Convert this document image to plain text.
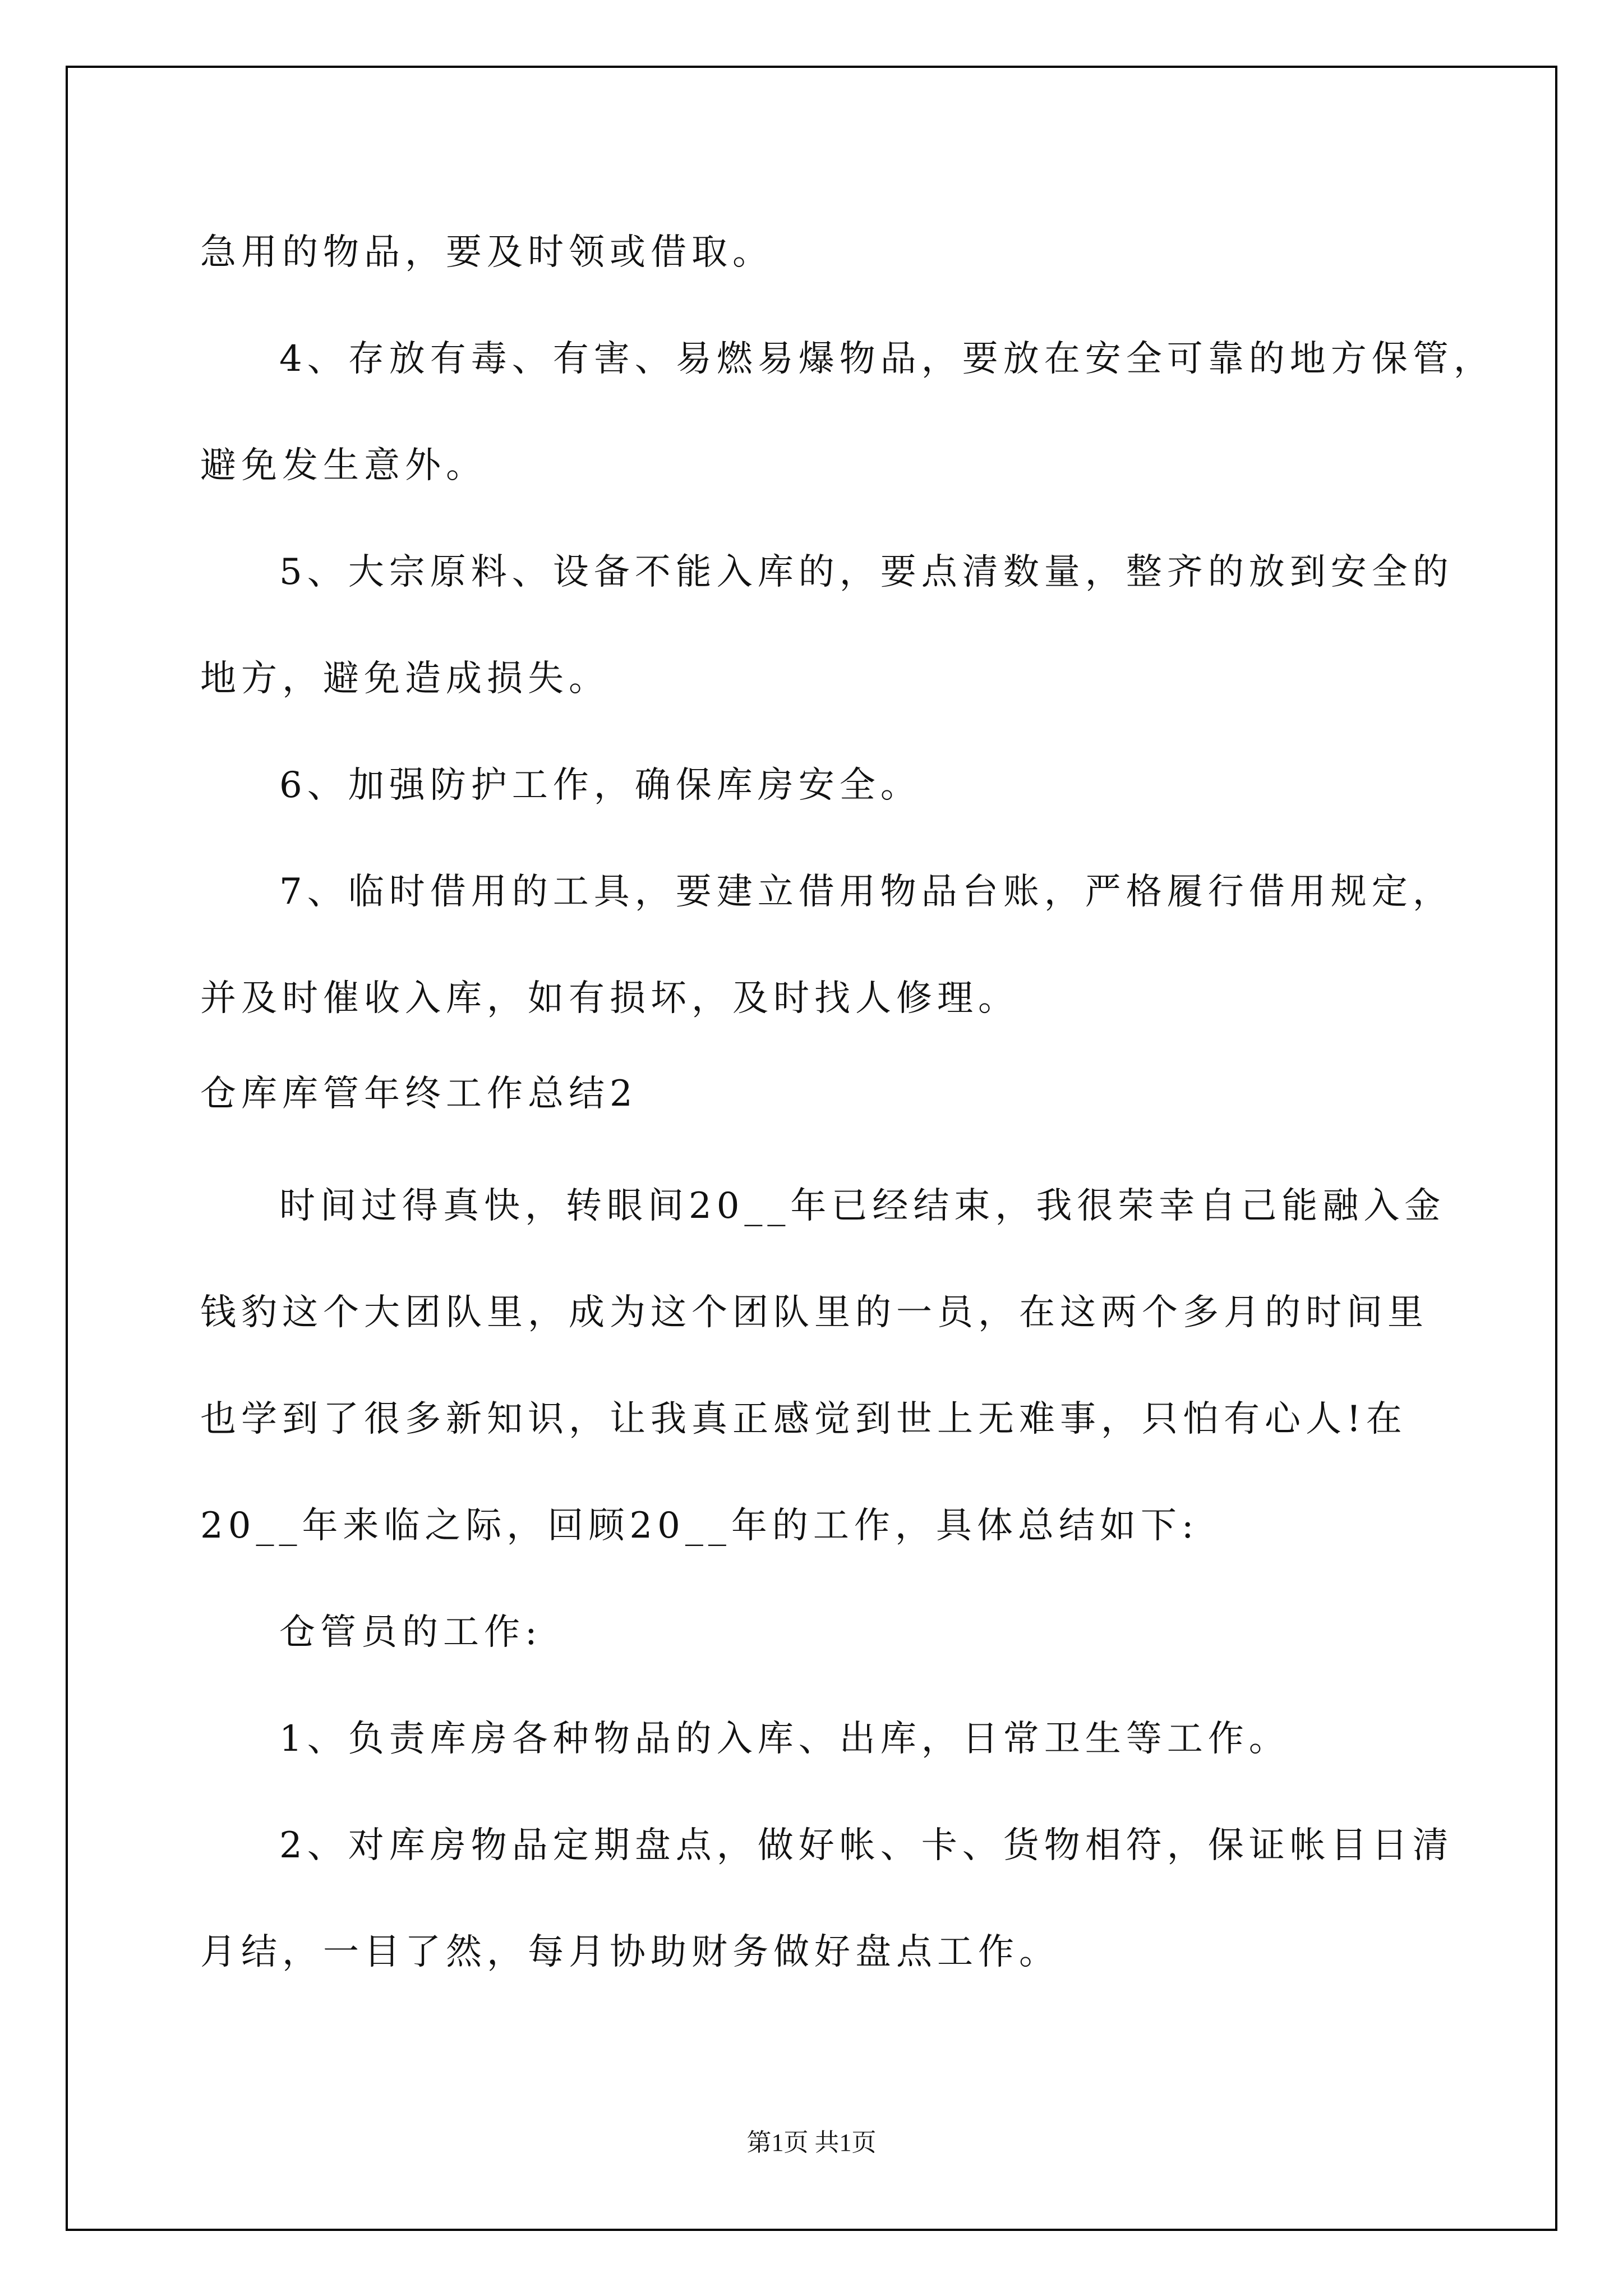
急用的物品，要及时领或借取。
4、存放有毒、有害、易燃易爆物品，要放在安全可靠的地方保管，
避免发生意外。
5、大宗原料、设备不能入库的，要点清数量，整齐的放到安全的
地方，避免造成损失。
6、加强防护工作，确保库房安全。
7、临时借用的工具，要建立借用物品台账，严格履行借用规定，
并及时催收入库，如有损坏，及时找人修理。
仓库库管年终工作总结2
时间过得真快，转眼间20__年已经结束，我很荣幸自己能融入金
钱豹这个大团队里，成为这个团队里的一员，在这两个多月的时间里
也学到了很多新知识，让我真正感觉到世上无难事，只怕有心人!在
20__年来临之际，回顾20__年的工作，具体总结如下:
仓管员的工作:
1、负责库房各种物品的入库、出库，日常卫生等工作。
2、对库房物品定期盘点，做好帐、卡、货物相符，保证帐目日清
月结，一目了然，每月协助财务做好盘点工作。
第1页 共1页
